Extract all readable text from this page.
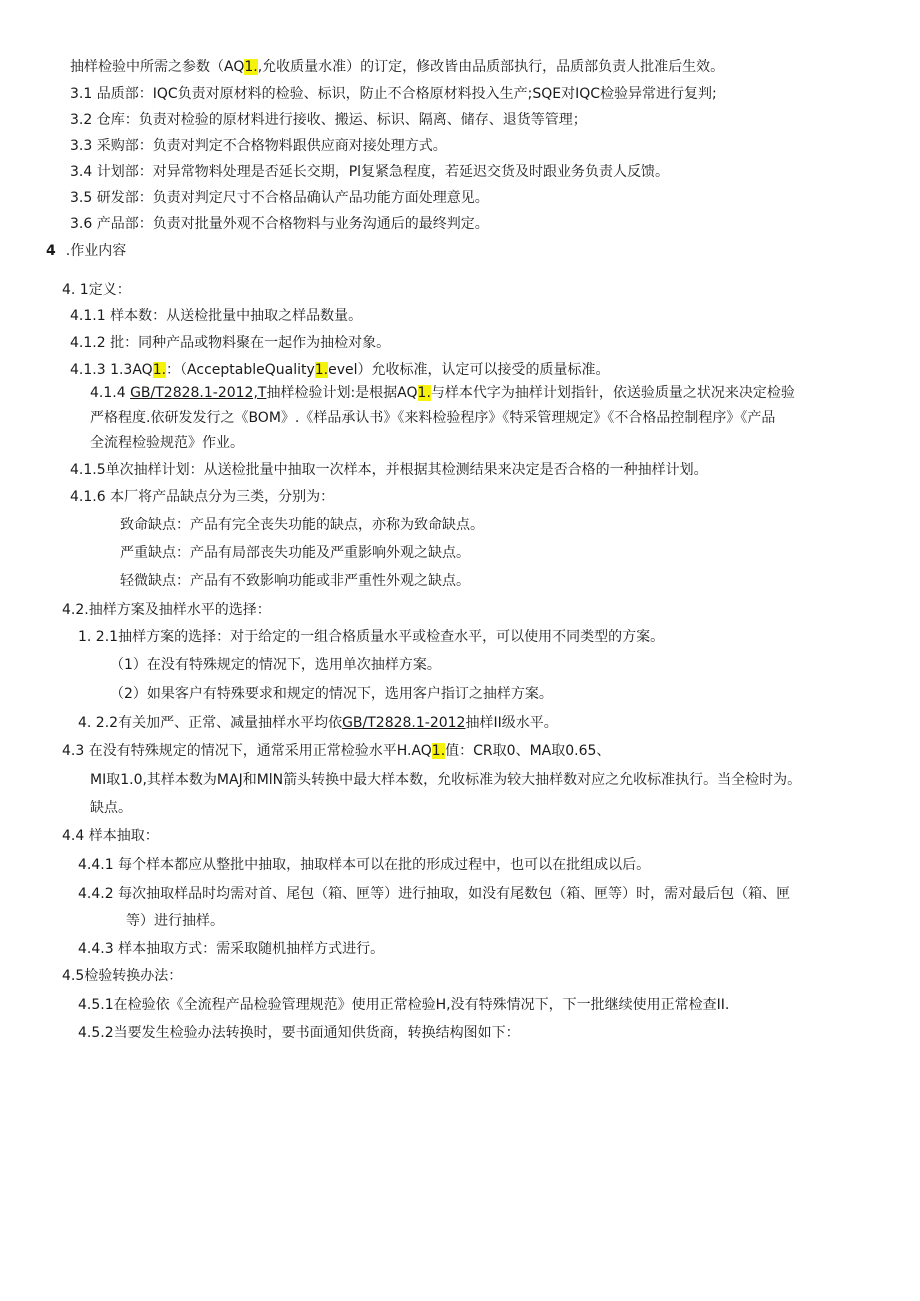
抽样检验中所需之参数（AQ1.,允收质量水准）的订定，修改皆由品质部执行，品质部负责人批准后生效。
3.1 品质部：IQC负责对原材料的检验、标识，防止不合格原材料投入生产;SQE对IQC检验异常进行复判;
3.2 仓库：负责对检验的原材料进行接收、搬运、标识、隔离、储存、退货等管理；
3.3 采购部：负责对判定不合格物料跟供应商对接处理方式。
3.4 计划部：对异常物料处理是否延长交期，Pl复紧急程度，若延迟交货及时跟业务负责人反馈。
3.5 研发部：负责对判定尺寸不合格品确认产品功能方面处理意见。
3.6 产品部：负责对批量外观不合格物料与业务沟通后的最终判定。
4 .作业内容
4. 1定义：
4.1.1 样本数：从送检批量中抽取之样品数量。
4.1.2 批：同种产品或物料聚在一起作为抽检对象。
4.1.3 1.3AQ1.：（AcceptableQuality1.evel）允收标准，认定可以接受的质量标准。
4.1.4 GB/T2828.1-2012,T抽样检验计划:是根据AQ1.与样本代字为抽样计划指针，依送验质量之状况来决定检验
严格程度.依研发发行之《BOM》.《样品承认书》《来料检验程序》《特采管理规定》《不合格品控制程序》《产品
全流程检验规范》作业。
4.1.5单次抽样计划：从送检批量中抽取一次样本，并根据其检测结果来决定是否合格的一种抽样计划。
4.1.6 本厂将产品缺点分为三类，分别为：
致命缺点：产品有完全丧失功能的缺点，亦称为致命缺点。
严重缺点：产品有局部丧失功能及严重影响外观之缺点。
轻微缺点：产品有不致影响功能或非严重性外观之缺点。
4.2.抽样方案及抽样水平的选择：
1. 2.1抽样方案的选择：对于给定的一组合格质量水平或检查水平，可以使用不同类型的方案。
（1）在没有特殊规定的情况下，选用单次抽样方案。
（2）如果客户有特殊要求和规定的情况下，选用客户指订之抽样方案。
4. 2.2有关加严、正常、减量抽样水平均依GB/T2828.1-2012抽样II级水平。
4.3 在没有特殊规定的情况下，通常采用正常检验水平H.AQ1.值：CR取0、MA取0.65、
MI取1.0,其样本数为MAJ和MlN箭头转换中最大样本数，允收标准为较大抽样数对应之允收标准执行。当全检时为。
缺点。
4.4 样本抽取：
4.4.1 每个样本都应从整批中抽取，抽取样本可以在批的形成过程中，也可以在批组成以后。
4.4.2 每次抽取样品时均需对首、尾包（箱、匣等）进行抽取，如没有尾数包（箱、匣等）时，需对最后包（箱、匣
等）进行抽样。
4.4.3 样本抽取方式：需采取随机抽样方式进行。
4.5检验转换办法：
4.5.1在检验依《全流程产品检验管理规范》使用正常检验H,没有特殊情况下，下一批继续使用正常检查II.
4.5.2当要发生检验办法转换时，要书面通知供货商，转换结构图如下：
